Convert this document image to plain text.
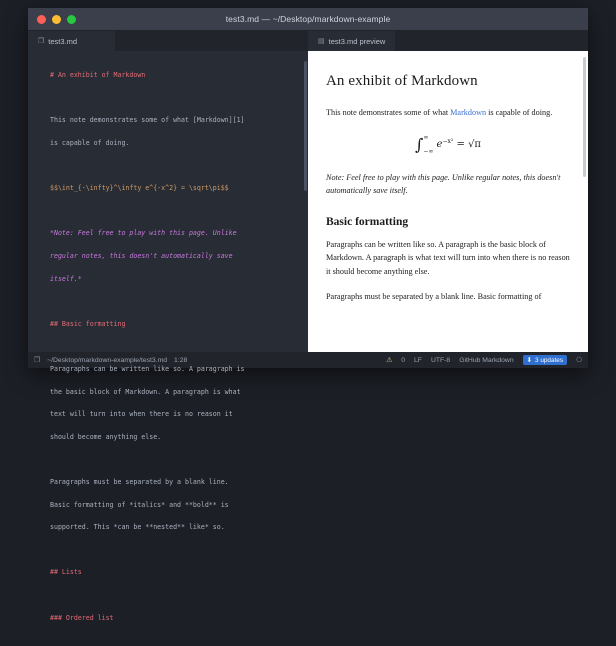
test3.md — ~/Desktop/markdown-example
❐ test3.md	▤ test3.md preview

# An exhibit of Markdown

This note demonstrates some of what [Markdown][1]

is capable of doing.

$$\int_{-\infty}^\infty e^{-x^2} = \sqrt\pi$$

*Note: Feel free to play with this page. Unlike

regular notes, this doesn't automatically save

itself.*

## Basic formatting

Paragraphs can be written like so. A paragraph is

the basic block of Markdown. A paragraph is what

text will turn into when there is no reason it

should become anything else.

Paragraphs must be separated by a blank line.

Basic formatting of *italics* and **bold** is

supported. This *can be **nested** like* so.

## Lists

### Ordered list

An exhibit of Markdown

This note demonstrates some of what Markdown is capable of doing.

∫∞
$_{-\infty}$ $e^{-x^2} = √\pi$

Note: Feel free to play with this page. Unlike regular notes, this doesn't automatically save itself.

Basic formatting

Paragraphs can be written like so. A paragraph is the basic block of Markdown. A paragraph is what text will turn into when there is no reason it should become anything else.

Paragraphs must be separated by a blank line. Basic formatting of

❐ ~/Desktop/markdown-example/test3.md 1:28	⚠ 0 LF UTF-8 GitHub Markdown ⬇ 3 updates ⎔
